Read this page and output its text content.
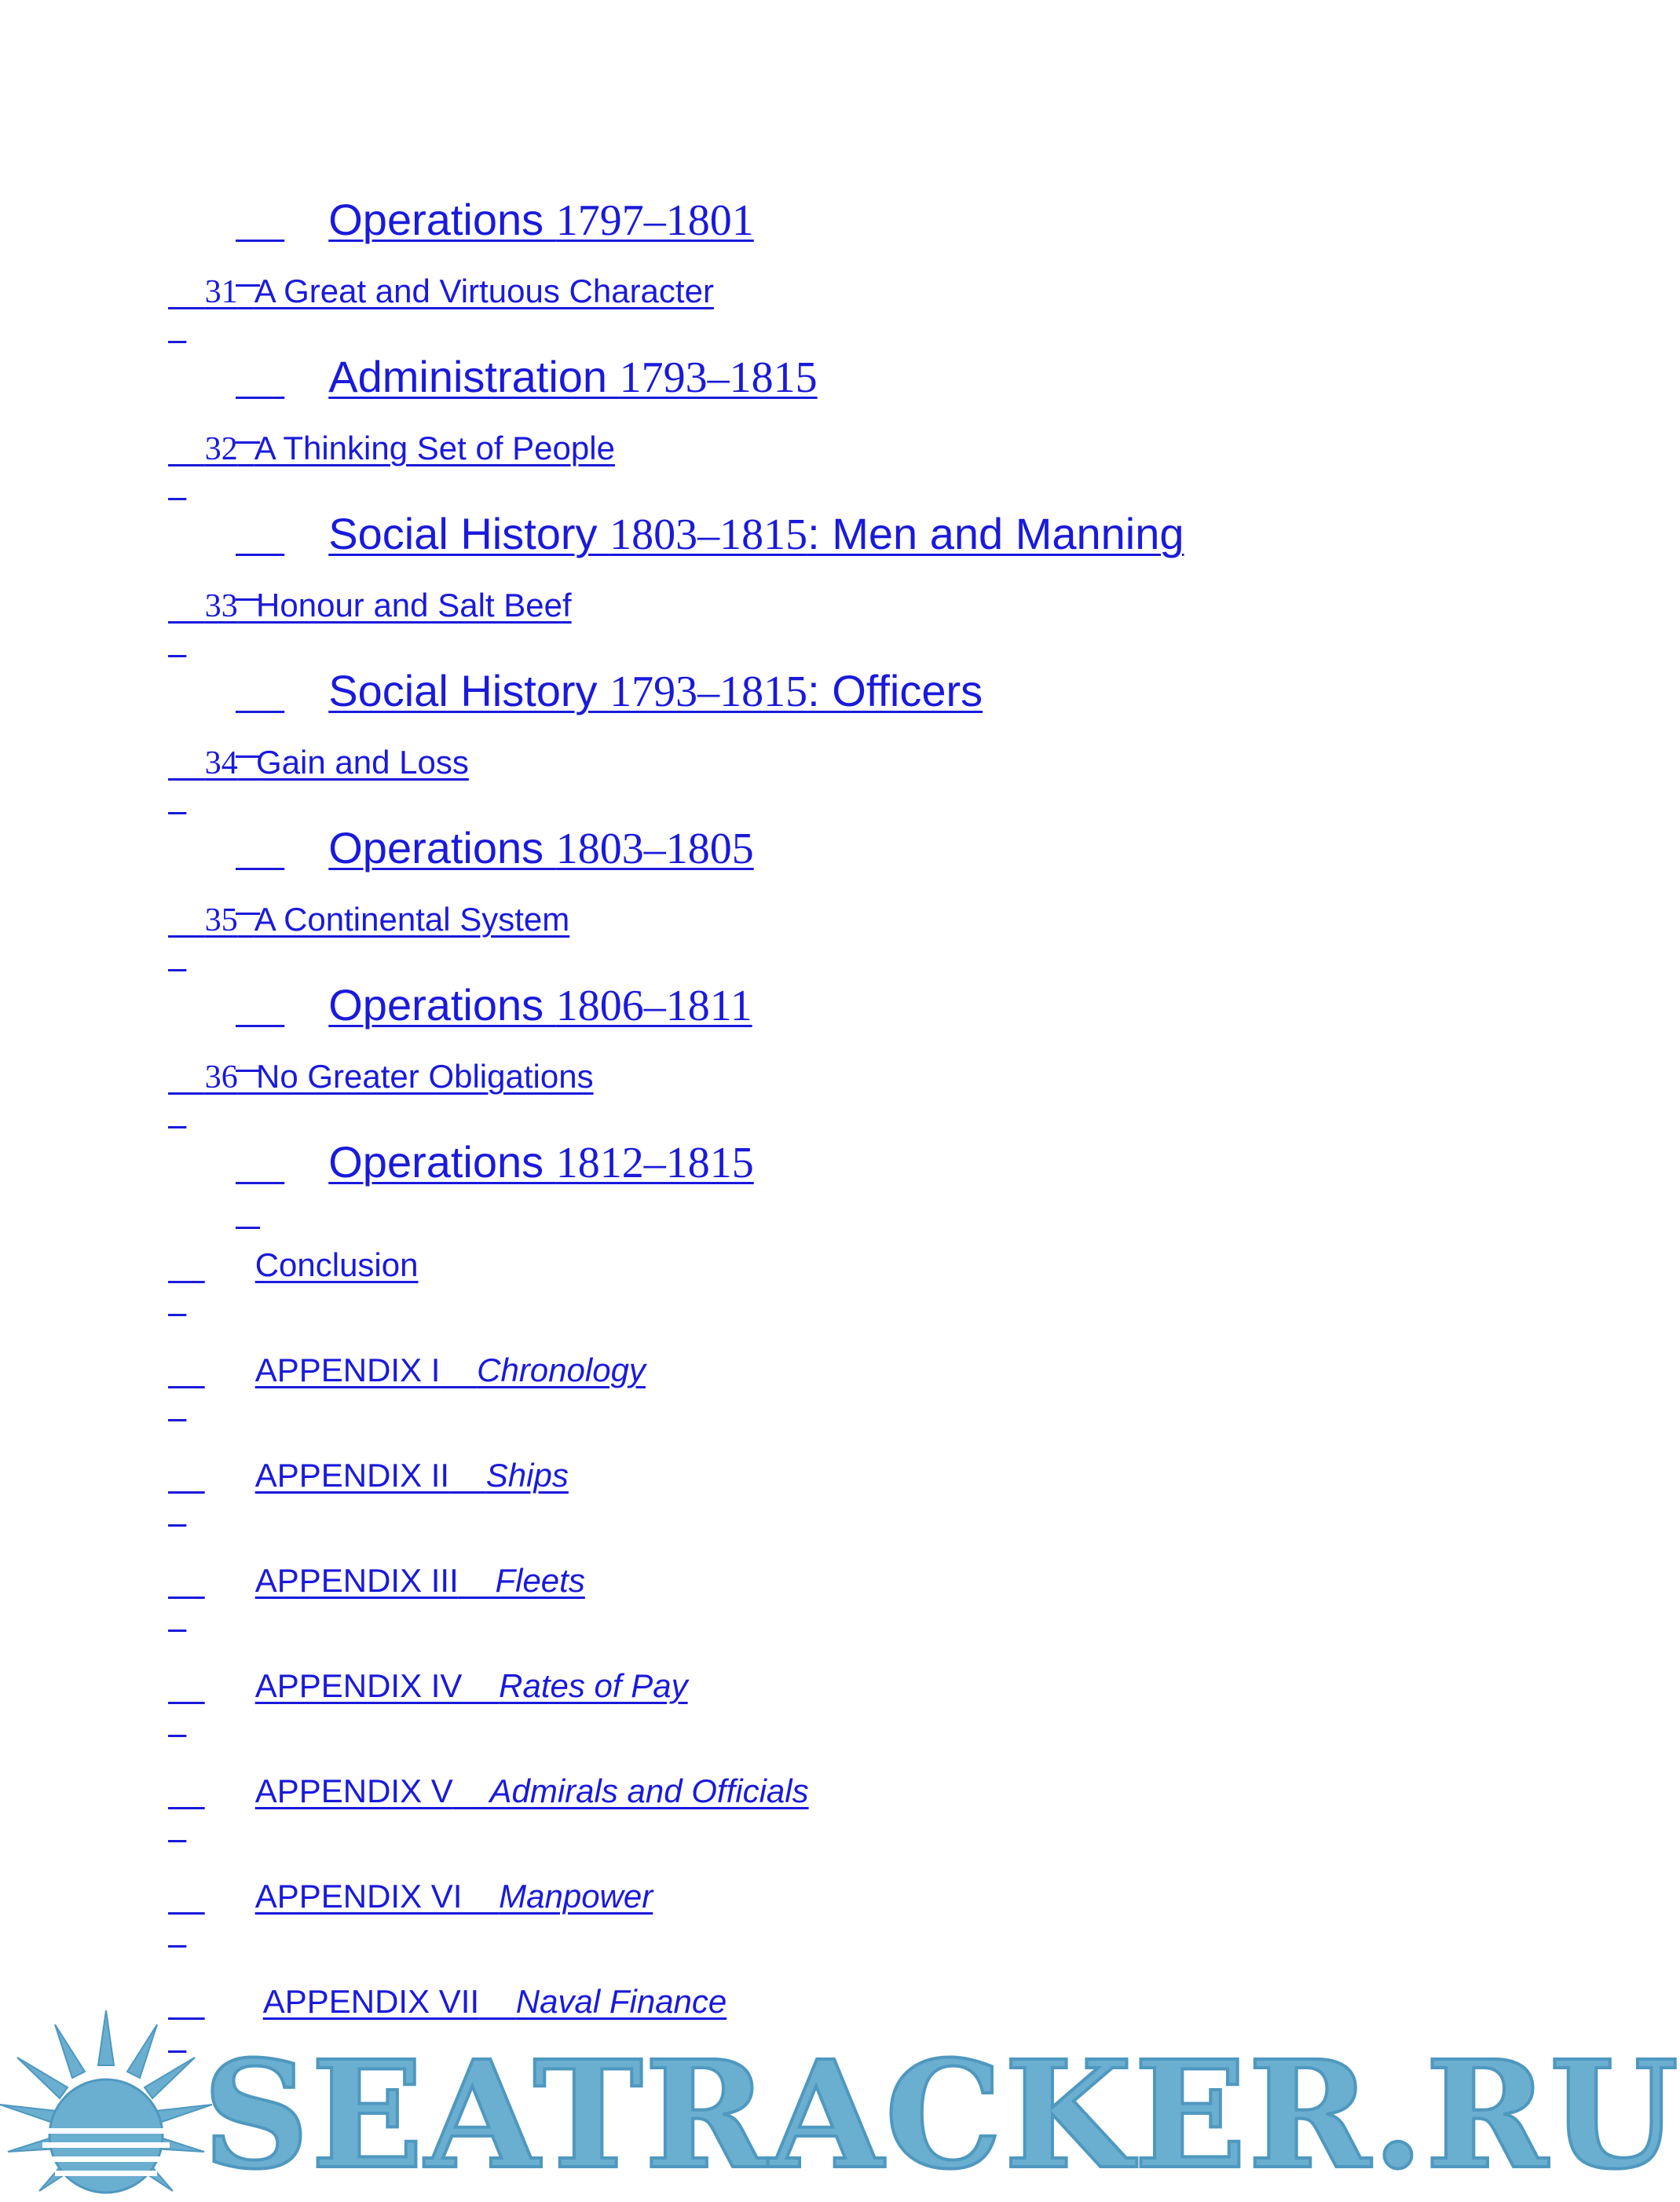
Operations 1797–1801

31 A Great and Virtuous Character

Administration 1793–1815

32 A Thinking Set of People

Social History 1803–1815: Men and Manning

33 Honour and Salt Beef

Social History 1793–1815: Officers

34 Gain and Loss

Operations 1803–1805

35 A Continental System

Operations 1806–1811

36 No Greater Obligations

Operations 1812–1815

Conclusion

APPENDIX I Chronology

APPENDIX II Ships

APPENDIX III Fleets

APPENDIX IV Rates of Pay

APPENDIX V Admirals and Officials

APPENDIX VI Manpower

APPENDIX VII Naval Finance

SEATRACKER.RU
